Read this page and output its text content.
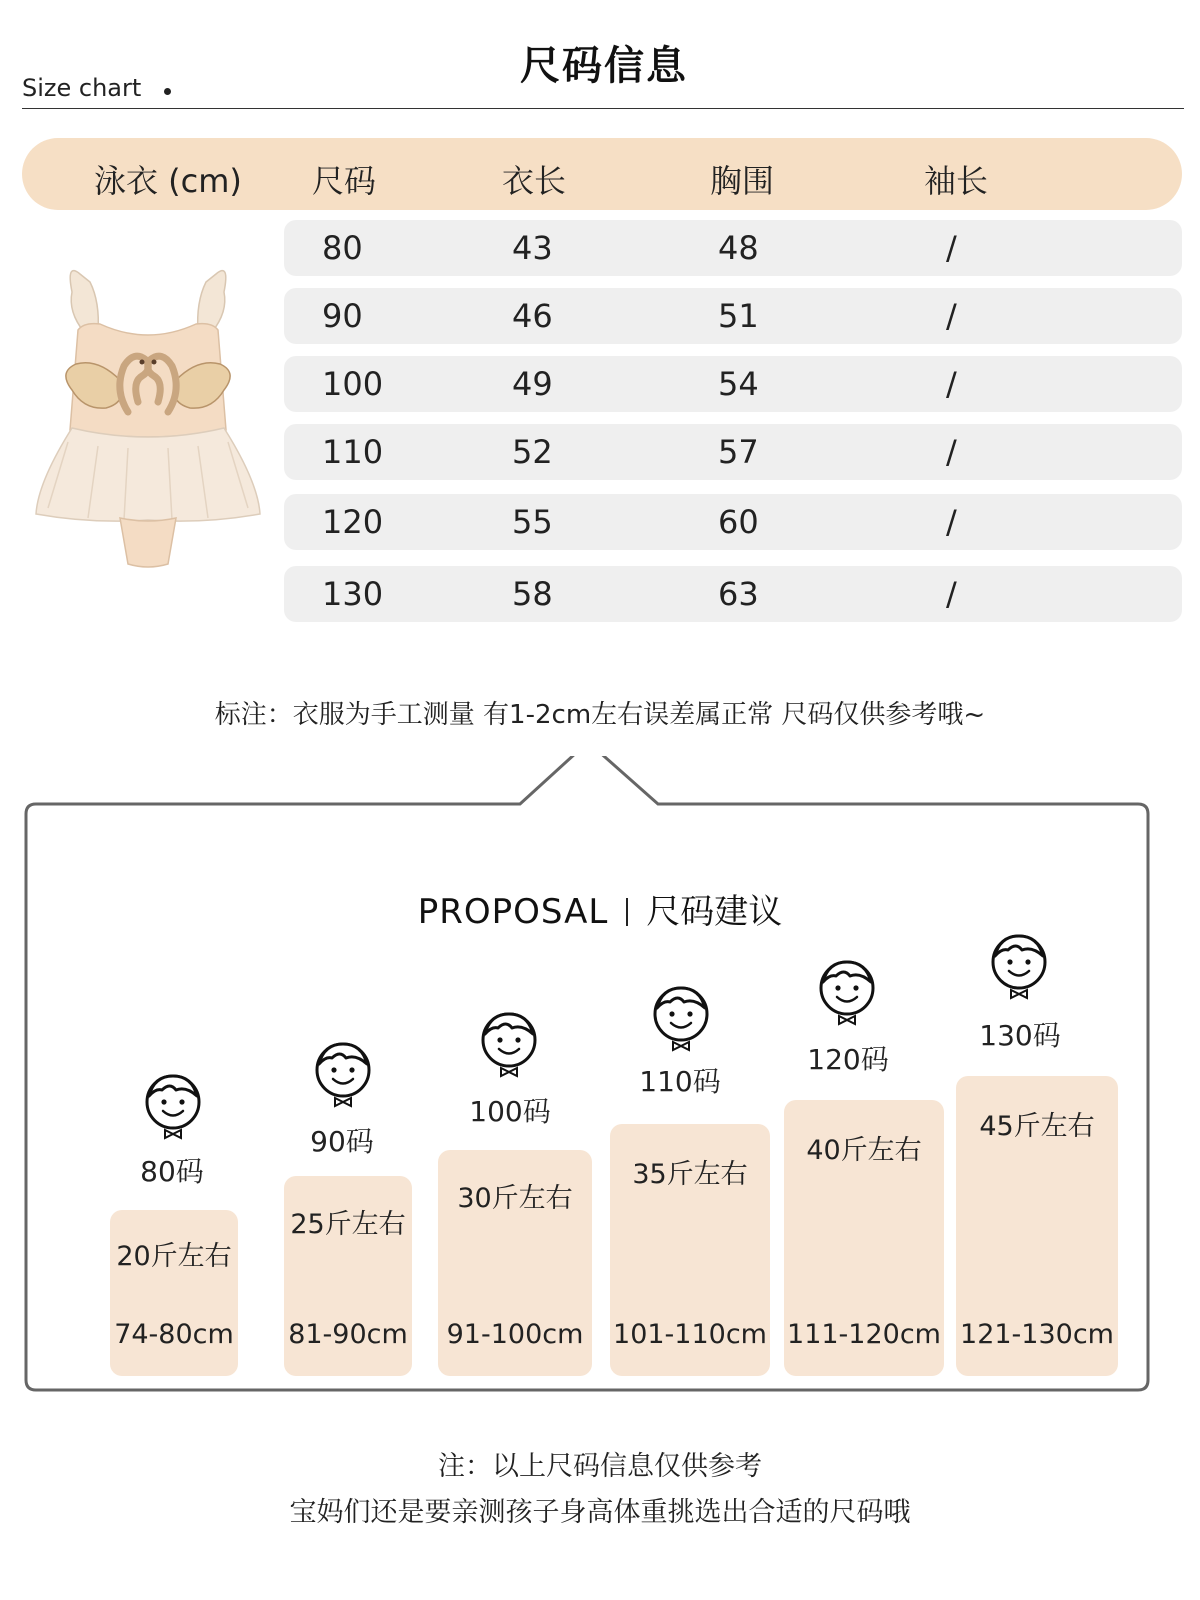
Size chart	尺码信息
泳衣 (cm) 尺码	衣长	胸围	袖长
80	43	48	/
90	46	51	/
100	49	54	/
110	52	57	/
120	55	60	/
130	58	63	/
标注：衣服为手工测量 有1-2cm左右误差属正常 尺码仅供参考哦~
PROPOSAL 尺码建议
80码
20斤左右
74-80cm
90码
25斤左右
81-90cm
100码
30斤左右
91-100cm
110码
35斤左右
101-110cm
120码
40斤左右
111-120cm
130码
45斤左右
121-130cm
注：以上尺码信息仅供参考
宝妈们还是要亲测孩子身高体重挑选出合适的尺码哦
